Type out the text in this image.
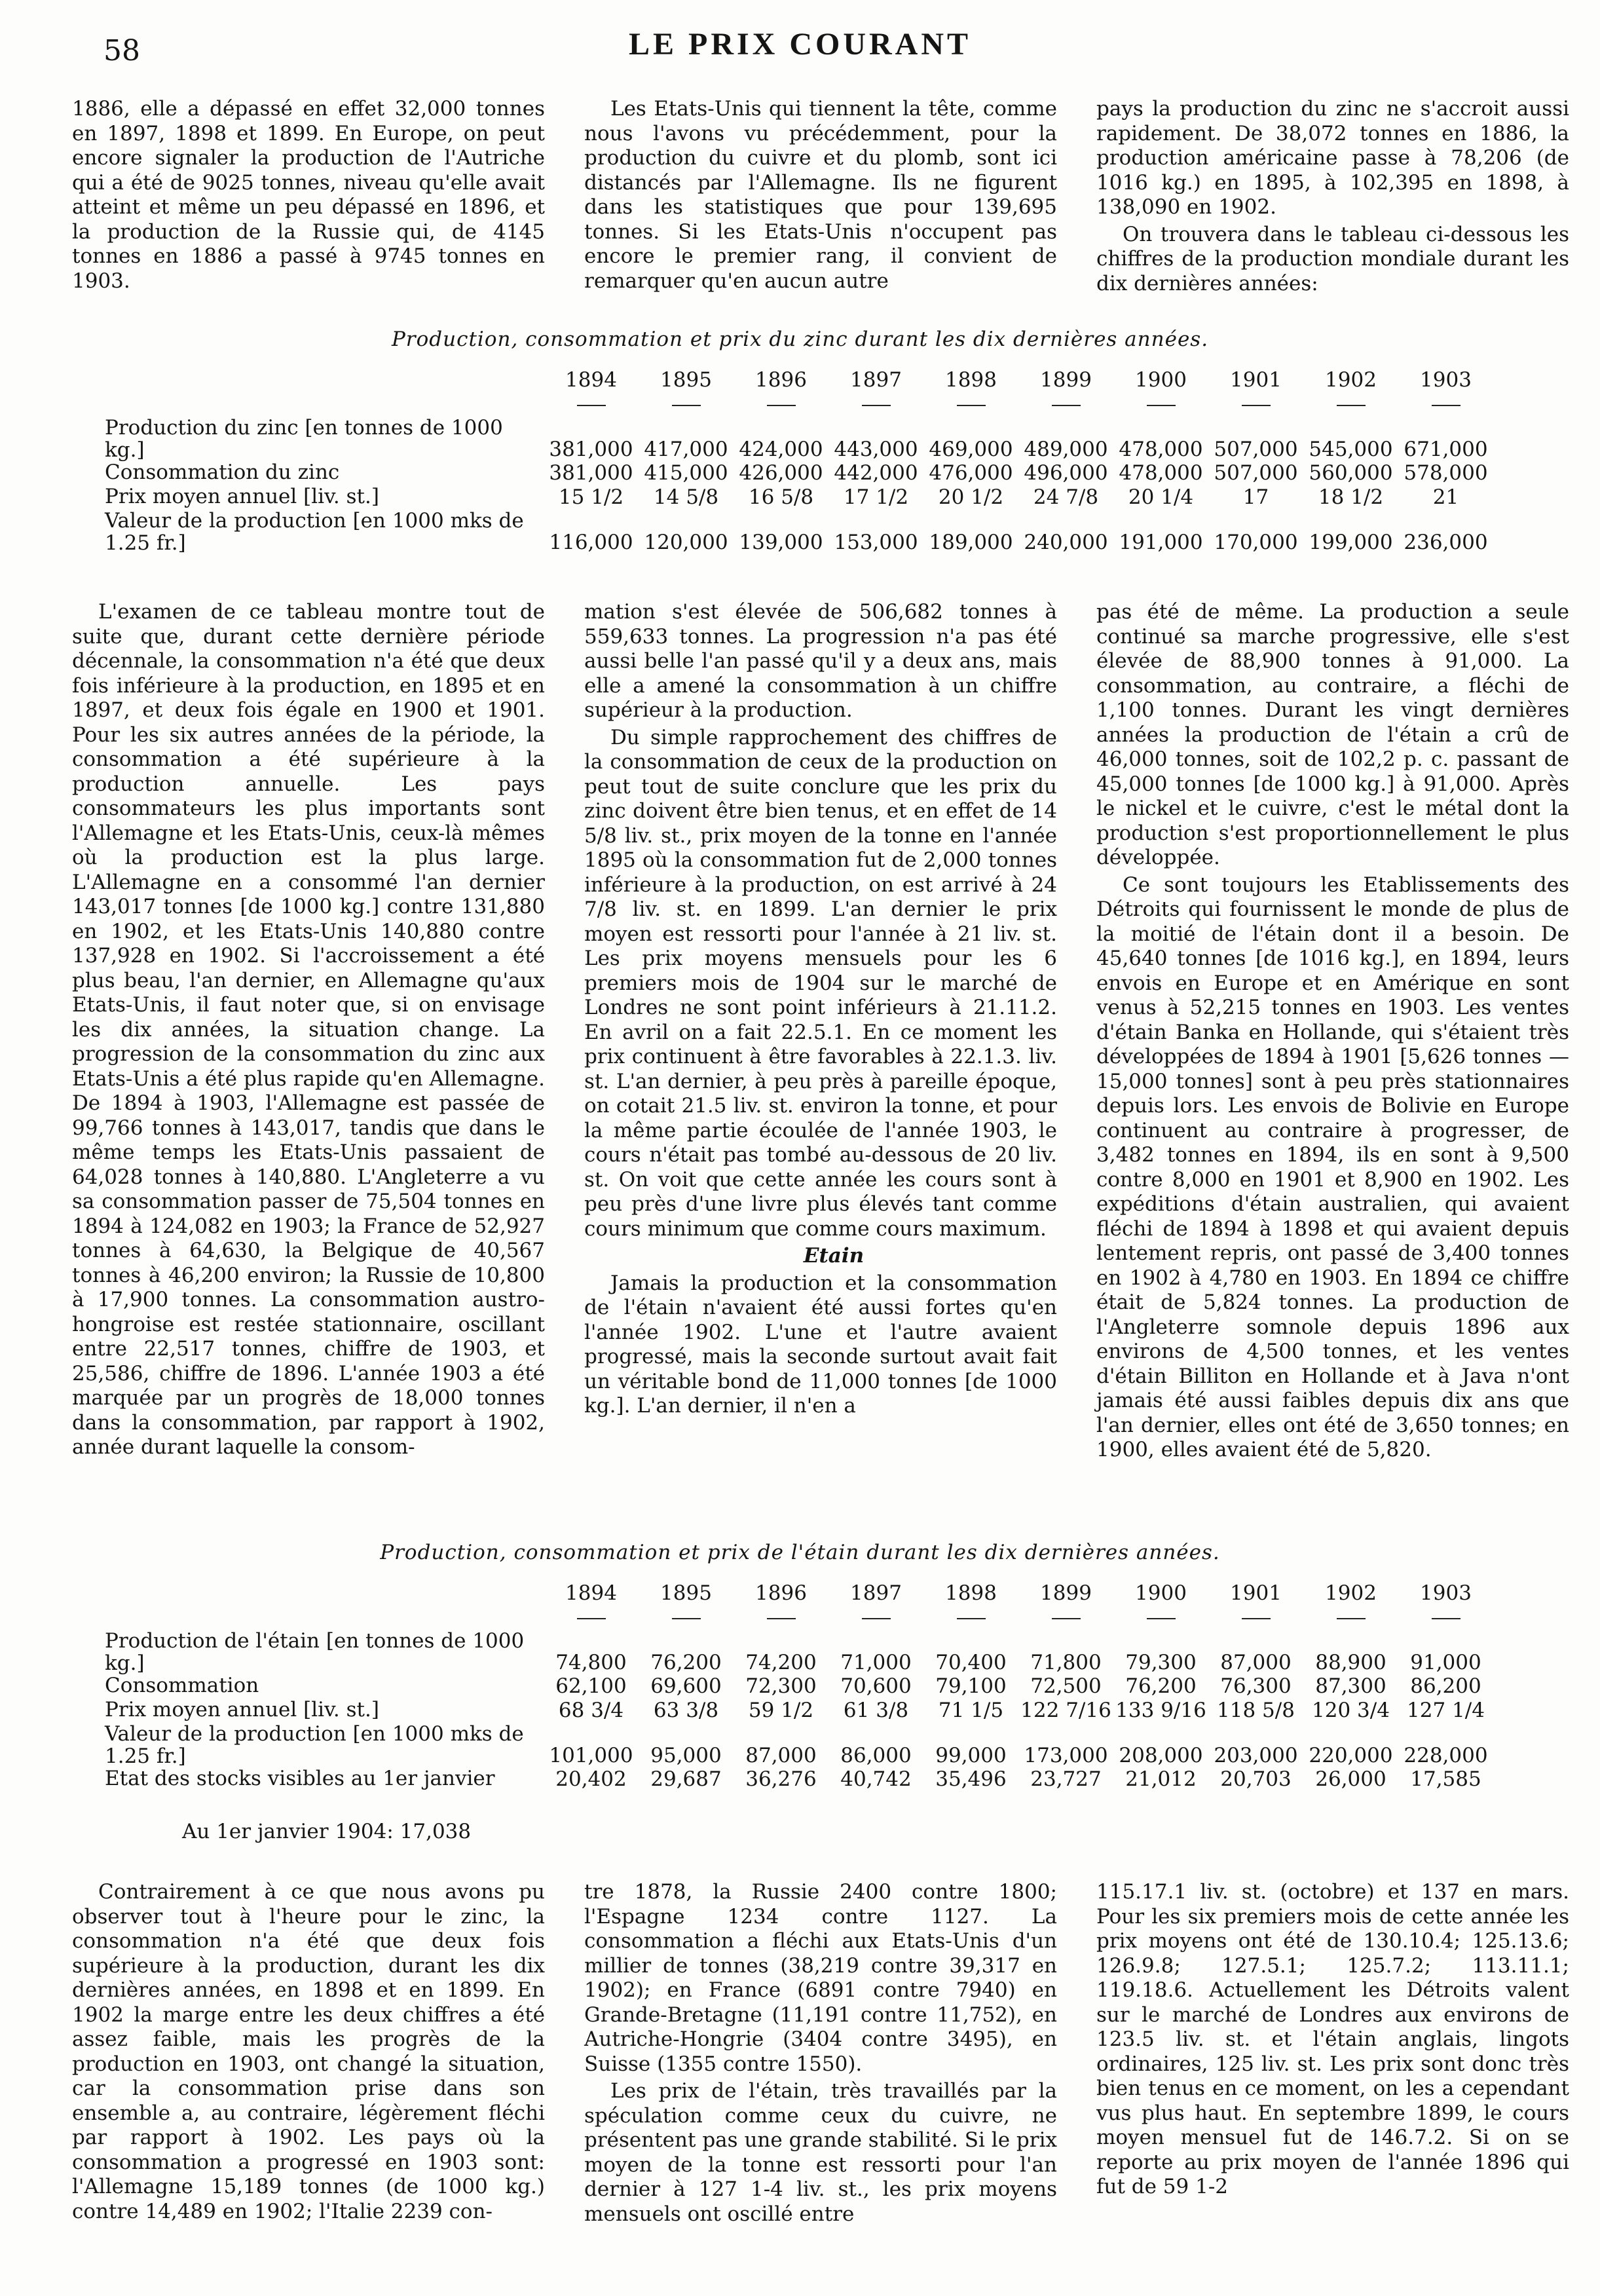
58	LE PRIX COURANT

1886, elle a dépassé en effet 32,000 tonnes en 1897, 1898 et 1899. En Europe, on peut encore signaler la production de l'Autriche qui a été de 9025 tonnes, niveau qu'elle avait atteint et même un peu dépassé en 1896, et la production de la Russie qui, de 4145 tonnes en 1886 a passé à 9745 tonnes en 1903.

Les Etats-Unis qui tiennent la tête, comme nous l'avons vu précédemment, pour la production du cuivre et du plomb, sont ici distancés par l'Allemagne. Ils ne figurent dans les statistiques que pour 139,695 tonnes. Si les Etats-Unis n'occupent pas encore le premier rang, il convient de remarquer qu'en aucun autre

pays la production du zinc ne s'accroit aussi rapidement. De 38,072 tonnes en 1886, la production américaine passe à 78,206 (de 1016 kg.) en 1895, à 102,395 en 1898, à 138,090 en 1902.

On trouvera dans le tableau ci-dessous les chiffres de la production mondiale durant les dix dernières années:

Production, consommation et prix du zinc durant les dix dernières années.
	1894	1895	1896	1897	1898	1899	1900	1901	1902	1903

Production du zinc [en tonnes de 1000 kg.]	381,000	417,000	424,000	443,000	469,000	489,000	478,000	507,000	545,000	671,000
Consommation du zinc	381,000	415,000	426,000	442,000	476,000	496,000	478,000	507,000	560,000	578,000
Prix moyen annuel [liv. st.]	15 1/2	14 5/8	16 5/8	17 1/2	20 1/2	24 7/8	20 1/4	17	18 1/2	21
Valeur de la production [en 1000 mks de 1.25 fr.]	116,000	120,000	139,000	153,000	189,000	240,000	191,000	170,000	199,000	236,000

L'examen de ce tableau montre tout de suite que, durant cette dernière période décennale, la consommation n'a été que deux fois inférieure à la production, en 1895 et en 1897, et deux fois égale en 1900 et 1901. Pour les six autres années de la période, la consommation a été supérieure à la production annuelle. Les pays consommateurs les plus importants sont l'Allemagne et les Etats-Unis, ceux-là mêmes où la production est la plus large. L'Allemagne en a consommé l'an dernier 143,017 tonnes [de 1000 kg.] contre 131,880 en 1902, et les Etats-Unis 140,880 contre 137,928 en 1902. Si l'accroissement a été plus beau, l'an dernier, en Allemagne qu'aux Etats-Unis, il faut noter que, si on envisage les dix années, la situation change. La progression de la consommation du zinc aux Etats-Unis a été plus rapide qu'en Allemagne. De 1894 à 1903, l'Allemagne est passée de 99,766 tonnes à 143,017, tandis que dans le même temps les Etats-Unis passaient de 64,028 tonnes à 140,880. L'Angleterre a vu sa consommation passer de 75,504 tonnes en 1894 à 124,082 en 1903; la France de 52,927 tonnes à 64,630, la Belgique de 40,567 tonnes à 46,200 environ; la Russie de 10,800 à 17,900 tonnes. La consommation austro-hongroise est restée stationnaire, oscillant entre 22,517 tonnes, chiffre de 1903, et 25,586, chiffre de 1896. L'année 1903 a été marquée par un progrès de 18,000 tonnes dans la consommation, par rapport à 1902, année durant laquelle la consom-

mation s'est élevée de 506,682 tonnes à 559,633 tonnes. La progression n'a pas été aussi belle l'an passé qu'il y a deux ans, mais elle a amené la consommation à un chiffre supérieur à la production.

Du simple rapprochement des chiffres de la consommation de ceux de la production on peut tout de suite conclure que les prix du zinc doivent être bien tenus, et en effet de 14 5/8 liv. st., prix moyen de la tonne en l'année 1895 où la consommation fut de 2,000 tonnes inférieure à la production, on est arrivé à 24 7/8 liv. st. en 1899. L'an dernier le prix moyen est ressorti pour l'année à 21 liv. st. Les prix moyens mensuels pour les 6 premiers mois de 1904 sur le marché de Londres ne sont point inférieurs à 21.11.2. En avril on a fait 22.5.1. En ce moment les prix continuent à être favorables à 22.1.3. liv. st. L'an dernier, à peu près à pareille époque, on cotait 21.5 liv. st. environ la tonne, et pour la même partie écoulée de l'année 1903, le cours n'était pas tombé au-dessous de 20 liv. st. On voit que cette année les cours sont à peu près d'une livre plus élevés tant comme cours minimum que comme cours maximum.

Etain

Jamais la production et la consommation de l'étain n'avaient été aussi fortes qu'en l'année 1902. L'une et l'autre avaient progressé, mais la seconde surtout avait fait un véritable bond de 11,000 tonnes [de 1000 kg.]. L'an dernier, il n'en a

pas été de même. La production a seule continué sa marche progressive, elle s'est élevée de 88,900 tonnes à 91,000. La consommation, au contraire, a fléchi de 1,100 tonnes. Durant les vingt dernières années la production de l'étain a crû de 46,000 tonnes, soit de 102,2 p. c. passant de 45,000 tonnes [de 1000 kg.] à 91,000. Après le nickel et le cuivre, c'est le métal dont la production s'est proportionnellement le plus développée.

Ce sont toujours les Etablissements des Détroits qui fournissent le monde de plus de la moitié de l'étain dont il a besoin. De 45,640 tonnes [de 1016 kg.], en 1894, leurs envois en Europe et en Amérique en sont venus à 52,215 tonnes en 1903. Les ventes d'étain Banka en Hollande, qui s'étaient très développées de 1894 à 1901 [5,626 tonnes — 15,000 tonnes] sont à peu près stationnaires depuis lors. Les envois de Bolivie en Europe continuent au contraire à progresser, de 3,482 tonnes en 1894, ils en sont à 9,500 contre 8,000 en 1901 et 8,900 en 1902. Les expéditions d'étain australien, qui avaient fléchi de 1894 à 1898 et qui avaient depuis lentement repris, ont passé de 3,400 tonnes en 1902 à 4,780 en 1903. En 1894 ce chiffre était de 5,824 tonnes. La production de l'Angleterre somnole depuis 1896 aux environs de 4,500 tonnes, et les ventes d'étain Billiton en Hollande et à Java n'ont jamais été aussi faibles depuis dix ans que l'an dernier, elles ont été de 3,650 tonnes; en 1900, elles avaient été de 5,820.

Production, consommation et prix de l'étain durant les dix dernières années.
	1894	1895	1896	1897	1898	1899	1900	1901	1902	1903

Production de l'étain [en tonnes de 1000 kg.]	74,800	76,200	74,200	71,000	70,400	71,800	79,300	87,000	88,900	91,000
Consommation	62,100	69,600	72,300	70,600	79,100	72,500	76,200	76,300	87,300	86,200
Prix moyen annuel [liv. st.]	68 3/4	63 3/8	59 1/2	61 3/8	71 1/5	122 7/16	133 9/16	118 5/8	120 3/4	127 1/4
Valeur de la production [en 1000 mks de 1.25 fr.]	101,000	95,000	87,000	86,000	99,000	173,000	208,000	203,000	220,000	228,000
Etat des stocks visibles au 1er janvier	20,402	29,687	36,276	40,742	35,496	23,727	21,012	20,703	26,000	17,585
Au 1er janvier 1904: 17,038

Contrairement à ce que nous avons pu observer tout à l'heure pour le zinc, la consommation n'a été que deux fois supérieure à la production, durant les dix dernières années, en 1898 et en 1899. En 1902 la marge entre les deux chiffres a été assez faible, mais les progrès de la production en 1903, ont changé la situation, car la consommation prise dans son ensemble a, au contraire, légèrement fléchi par rapport à 1902. Les pays où la consommation a progressé en 1903 sont: l'Allemagne 15,189 tonnes (de 1000 kg.) contre 14,489 en 1902; l'Italie 2239 con-

tre 1878, la Russie 2400 contre 1800; l'Espagne 1234 contre 1127. La consommation a fléchi aux Etats-Unis d'un millier de tonnes (38,219 contre 39,317 en 1902); en France (6891 contre 7940) en Grande-Bretagne (11,191 contre 11,752), en Autriche-Hongrie (3404 contre 3495), en Suisse (1355 contre 1550).

Les prix de l'étain, très travaillés par la spéculation comme ceux du cuivre, ne présentent pas une grande stabilité. Si le prix moyen de la tonne est ressorti pour l'an dernier à 127 1-4 liv. st., les prix moyens mensuels ont oscillé entre

115.17.1 liv. st. (octobre) et 137 en mars. Pour les six premiers mois de cette année les prix moyens ont été de 130.10.4; 125.13.6; 126.9.8; 127.5.1; 125.7.2; 113.11.1; 119.18.6. Actuellement les Détroits valent sur le marché de Londres aux environs de 123.5 liv. st. et l'étain anglais, lingots ordinaires, 125 liv. st. Les prix sont donc très bien tenus en ce moment, on les a cependant vus plus haut. En septembre 1899, le cours moyen mensuel fut de 146.7.2. Si on se reporte au prix moyen de l'année 1896 qui fut de 59 1-2
